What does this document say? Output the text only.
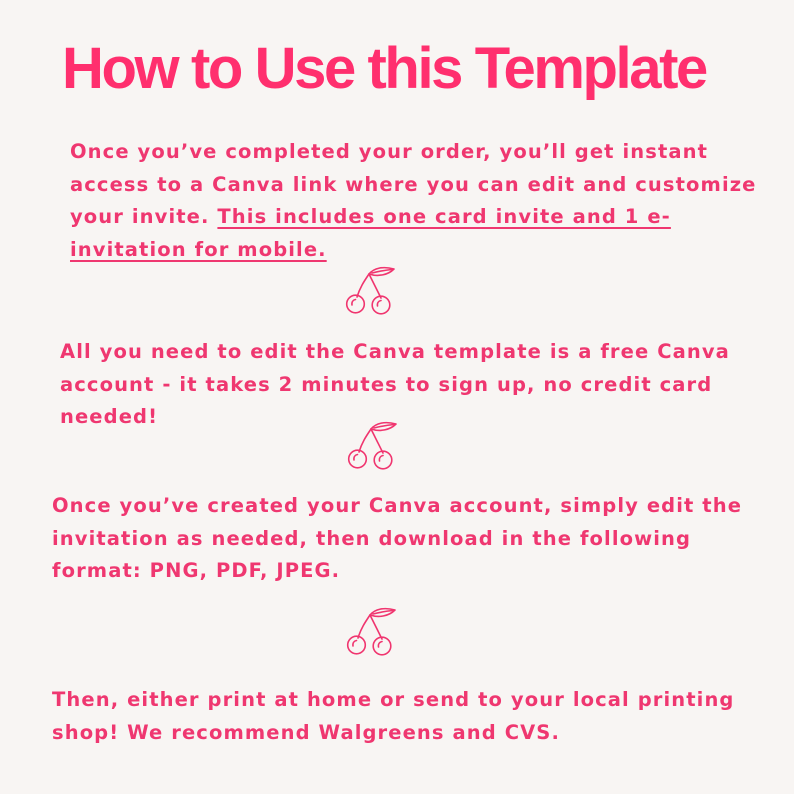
How to Use this Template

Once you’ve completed your order, you’ll get instant access to a Canva link where you can edit and customize your invite. This includes one card invite and 1 e-invitation for mobile.

All you need to edit the Canva template is a free Canva account - it takes 2 minutes to sign up, no credit card needed!

Once you’ve created your Canva account, simply edit the invitation as needed, then download in the following format: PNG, PDF, JPEG.

Then, either print at home or send to your local printing shop! We recommend Walgreens and CVS.
